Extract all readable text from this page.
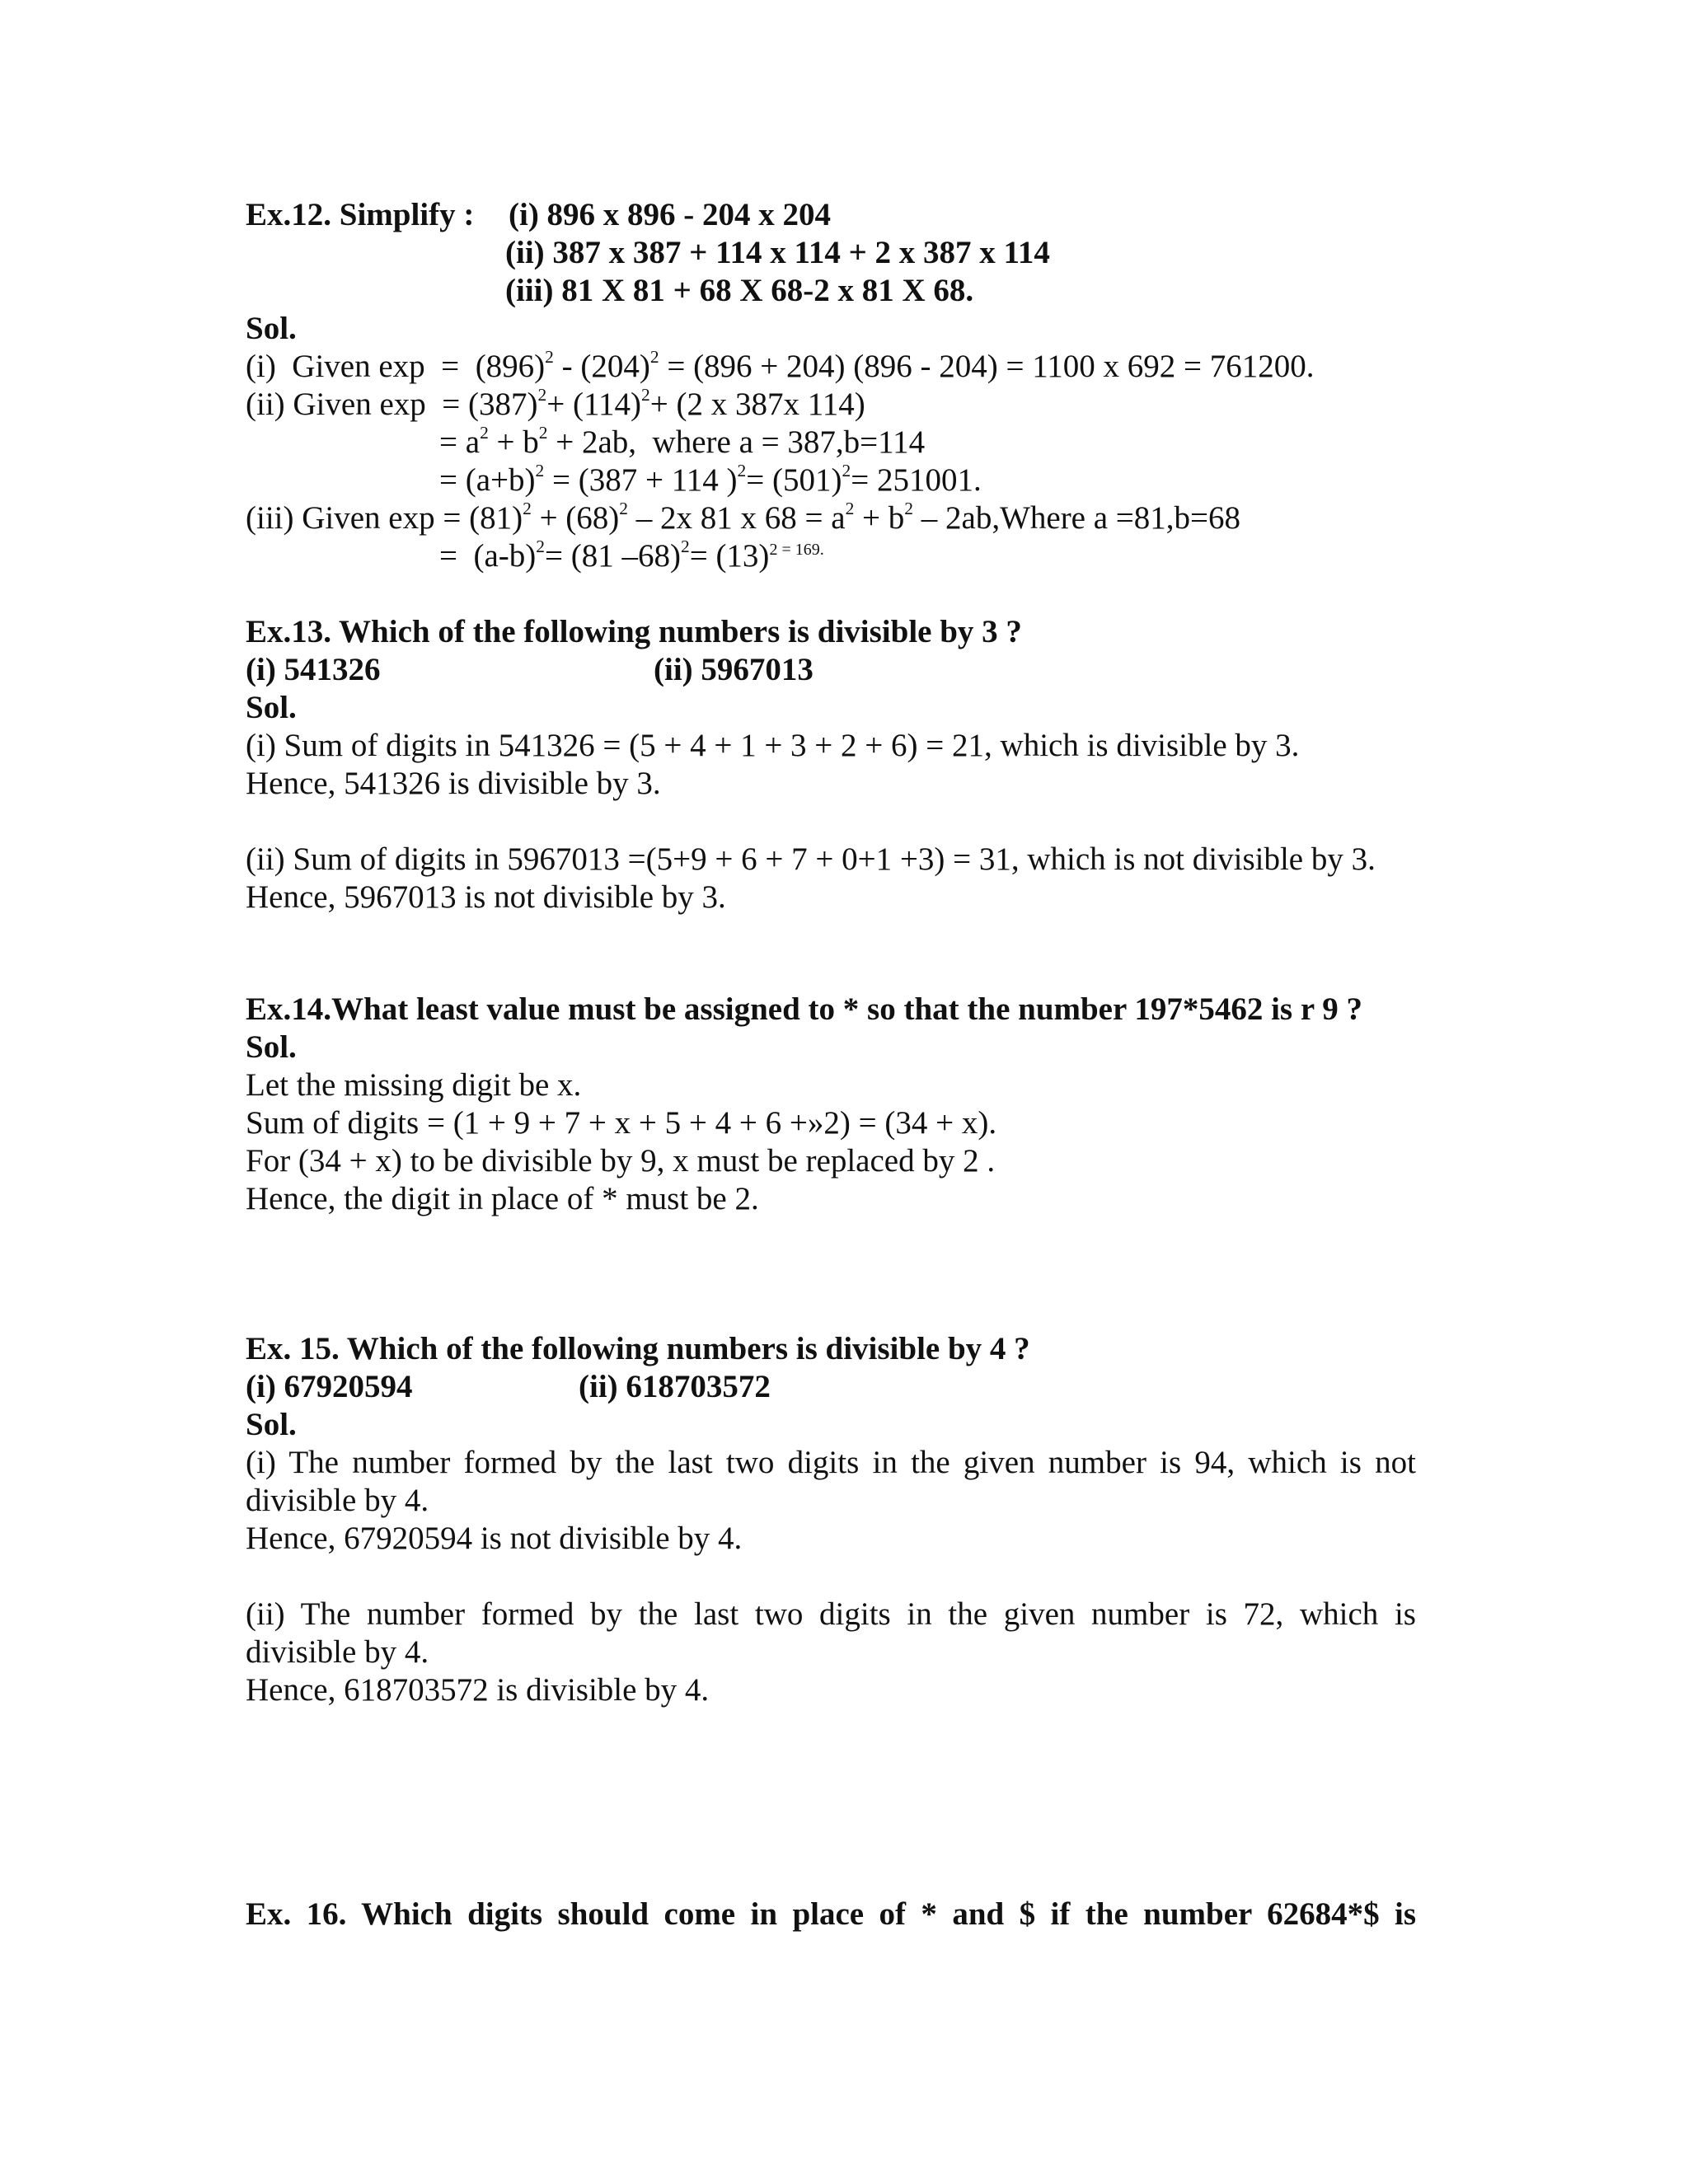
Ex.12. Simplify : (i) 896 x 896 - 204 x 204
(ii) 387 x 387 + 114 x 114 + 2 x 387 x 114
(iii) 81 X 81 + 68 X 68-2 x 81 X 68.
Sol.
(i)  Given $\exp = (896)^2 - (204)^2 = (896 + 204)$ (896 - 204) = 1100 x 692 = 761200.
(ii) Given $\exp = (387)^2+ (114)^2+ (2$ x 387x 114)
= $a^2 + b^2 + 2ab$,  where a = 387,b=114
= $(a+b)^2 = (387 + 114$ )$^2= (501)^2= 251001$.
(iii) Given $\exp = (81)^2 + (68)^2 - 2x$ 81 x $68 = a^2 + b^2$ – 2ab,Where a =81,b=68
=  $(a-b)^2= (81$ $-68)^2= (13)^{2 = 169.}$
Ex.13. Which of the following numbers is divisible by 3 ?
(i) 541326	(ii) 5967013
Sol.
(i) Sum of digits in 541326 = (5 + 4 + 1 + 3 + 2 + 6) = 21, which is divisible by 3.
Hence, 541326 is divisible by 3.
(ii) Sum of digits in 5967013 =(5+9 + 6 + 7 + 0+1 +3) = 31, which is not divisible by 3.
Hence, 5967013 is not divisible by 3.
Ex.14.What least value must be assigned to * so that the number 197*5462 is r 9 ?
Sol.
Let the missing digit be x.
Sum of digits = (1 + 9 + 7 + x + 5 + 4 + 6 +»2) = (34 + x).
For (34 + x) to be divisible by 9, x must be replaced by 2 .
Hence, the digit in place of * must be 2.
Ex. 15. Which of the following numbers is divisible by 4 ?
(i) 67920594	(ii) 618703572
Sol.
(i) The number formed by the last two digits in the given number is 94, which is not
divisible by 4.
Hence, 67920594 is not divisible by 4.
(ii) The number formed by the last two digits in the given number is 72, which is
divisible by 4.
Hence, 618703572 is divisible by 4.
Ex. 16. Which digits should come in place of * and $ if the number 62684*$ is
